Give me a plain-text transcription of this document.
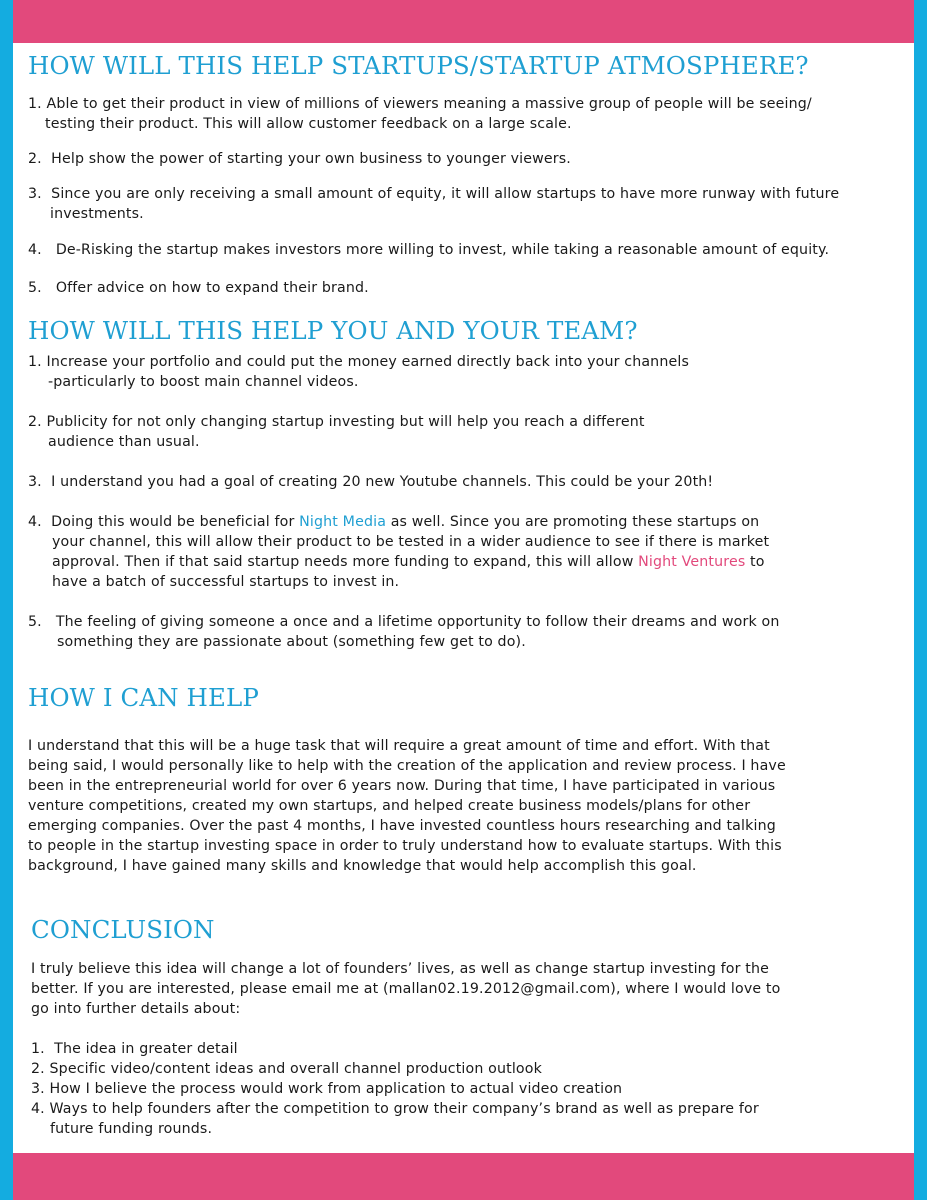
HOW WILL THIS HELP STARTUPS/STARTUP ATMOSPHERE?
1. Able to get their product in view of millions of viewers meaning a massive group of people will be seeing/
testing their product. This will allow customer feedback on a large scale.
2. Help show the power of starting your own business to younger viewers.
3. Since you are only receiving a small amount of equity, it will allow startups to have more runway with future
investments.
4. De-Risking the startup makes investors more willing to invest, while taking a reasonable amount of equity.
5. Offer advice on how to expand their brand.
HOW WILL THIS HELP YOU AND YOUR TEAM?
1. Increase your portfolio and could put the money earned directly back into your channels
-particularly to boost main channel videos.
2. Publicity for not only changing startup investing but will help you reach a different
audience than usual.
3. I understand you had a goal of creating 20 new Youtube channels. This could be your 20th!
4. Doing this would be beneficial for Night Media as well. Since you are promoting these startups on
your channel, this will allow their product to be tested in a wider audience to see if there is market
approval. Then if that said startup needs more funding to expand, this will allow Night Ventures to
have a batch of successful startups to invest in.
5. The feeling of giving someone a once and a lifetime opportunity to follow their dreams and work on
something they are passionate about (something few get to do).
HOW I CAN HELP
I understand that this will be a huge task that will require a great amount of time and effort. With that
being said, I would personally like to help with the creation of the application and review process. I have
been in the entrepreneurial world for over 6 years now. During that time, I have participated in various
venture competitions, created my own startups, and helped create business models/plans for other
emerging companies. Over the past 4 months, I have invested countless hours researching and talking
to people in the startup investing space in order to truly understand how to evaluate startups. With this
background, I have gained many skills and knowledge that would help accomplish this goal.
CONCLUSION
I truly believe this idea will change a lot of founders’ lives, as well as change startup investing for the
better. If you are interested, please email me at (mallan02.19.2012@gmail.com), where I would love to
go into further details about:
1. The idea in greater detail
2. Specific video/content ideas and overall channel production outlook
3. How I believe the process would work from application to actual video creation
4. Ways to help founders after the competition to grow their company’s brand as well as prepare for
future funding rounds.
